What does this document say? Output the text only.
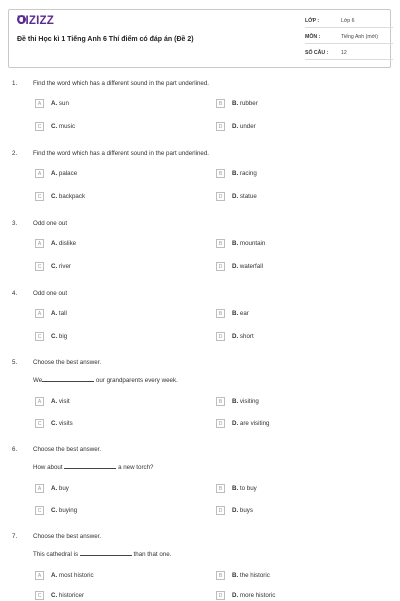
UIZIZZ
Đề thi Học kì 1 Tiếng Anh 6 Thí điểm có đáp án (Đề 2)
LỚP :	Lớp 6
MÔN :	Tiếng Anh (mới)
SỐ CÂU : 12
1.	Find the word which has a different sound in the part underlined.
A	A. sun	B	B. rubber
C	C. music	D	D. under
2.	Find the word which has a different sound in the part underlined.
A	A. palace	B	B. racing
C	C. backpack	D	D. statue
3.	Odd one out
A	A. dislike	B	B. mountain
C	C. river	D	D. waterfall
4.	Odd one out
A	A. tall	B	B. ear
C	C. big	D	D. short
5.	Choose the best answer.
We	our grandparents every week.
A	A. visit	B	B. visiting
C	C. visits	D	D. are visiting
6.	Choose the best answer.
How about	a new torch?
A	A. buy	B	B. to buy
C	C. buying	D	D. buys
7.	Choose the best answer.
This cathedral is	than that one.
A	A. most historic	B	B. the historic
C	C. historicer	D	D. more historic
